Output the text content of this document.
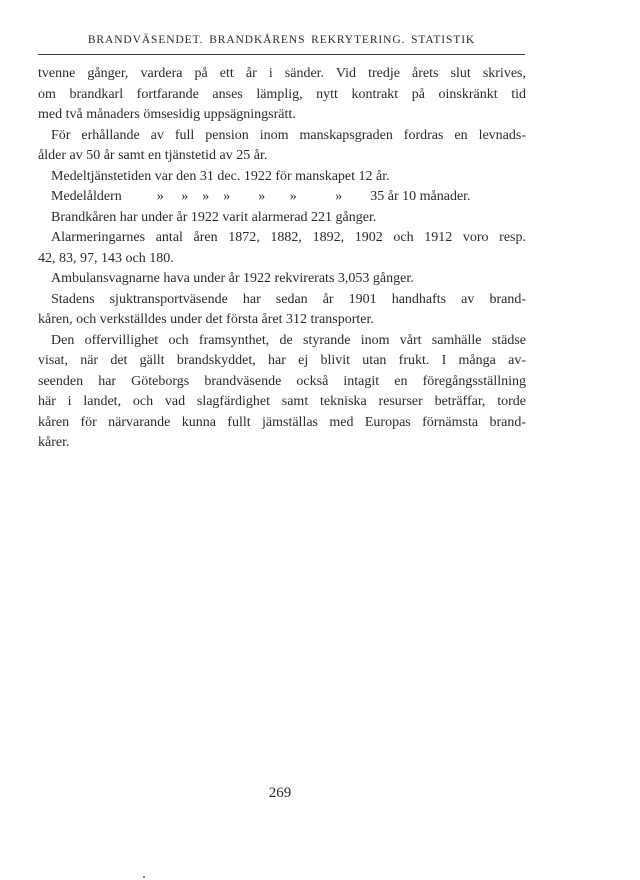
BRANDVÄSENDET. BRANDKÅRENS REKRYTERING. STATISTIK
tvenne gånger, vardera på ett år i sänder. Vid tredje årets slut skrives,
om brandkarl fortfarande anses lämplig, nytt kontrakt på oinskränkt tid
med två månaders ömsesidig uppsägningsrätt.
För erhållande av full pension inom manskapsgraden fordras en levnads-
ålder av 50 år samt en tjänstetid av 25 år.
Medeltjänstetiden var den 31 dec. 1922 för manskapet 12 år.
Medelåldern          »     »    »    »        »       »           »        35 år 10 månader.
Brandkåren har under år 1922 varit alarmerad 221 gånger.
Alarmeringarnes antal åren 1872, 1882, 1892, 1902 och 1912 voro resp.
42, 83, 97, 143 och 180.
Ambulansvagnarne hava under år 1922 rekvirerats 3,053 gånger.
Stadens sjuktransportväsende har sedan år 1901 handhafts av brand-
kåren, och verkställdes under det första året 312 transporter.
Den offervillighet och framsynthet, de styrande inom vårt samhälle städse
visat, när det gällt brandskyddet, har ej blivit utan frukt. I många av-
seenden har Göteborgs brandväsende också intagit en föregångsställning
här i landet, och vad slagfärdighet samt tekniska resurser beträffar, torde
kåren för närvarande kunna fullt jämställas med Europas förnämsta brand-
kårer.
269
